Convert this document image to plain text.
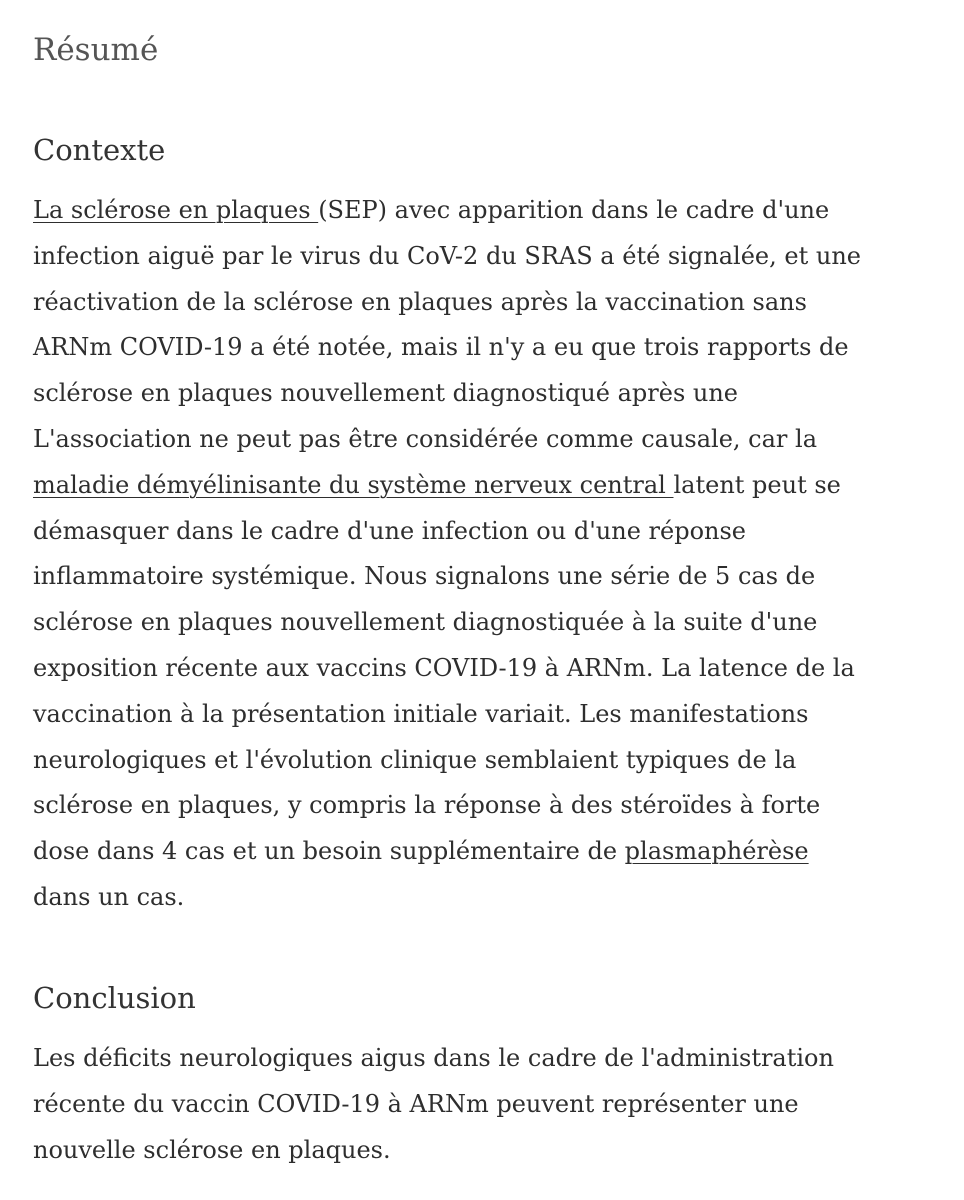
Résumé
Contexte
La sclérose en plaques (SEP) avec apparition dans le cadre d'une
infection aiguë par le virus du CoV-2 du SRAS a été signalée, et une
réactivation de la sclérose en plaques après la vaccination sans
ARNm COVID-19 a été notée, mais il n'y a eu que trois rapports de
sclérose en plaques nouvellement diagnostiqué après une
L'association ne peut pas être considérée comme causale, car la
maladie démyélinisante du système nerveux central latent peut se
démasquer dans le cadre d'une infection ou d'une réponse
inflammatoire systémique. Nous signalons une série de 5 cas de
sclérose en plaques nouvellement diagnostiquée à la suite d'une
exposition récente aux vaccins COVID-19 à ARNm. La latence de la
vaccination à la présentation initiale variait. Les manifestations
neurologiques et l'évolution clinique semblaient typiques de la
sclérose en plaques, y compris la réponse à des stéroïdes à forte
dose dans 4 cas et un besoin supplémentaire de plasmaphérèse
dans un cas.
Conclusion
Les déficits neurologiques aigus dans le cadre de l'administration
récente du vaccin COVID-19 à ARNm peuvent représenter une
nouvelle sclérose en plaques.
